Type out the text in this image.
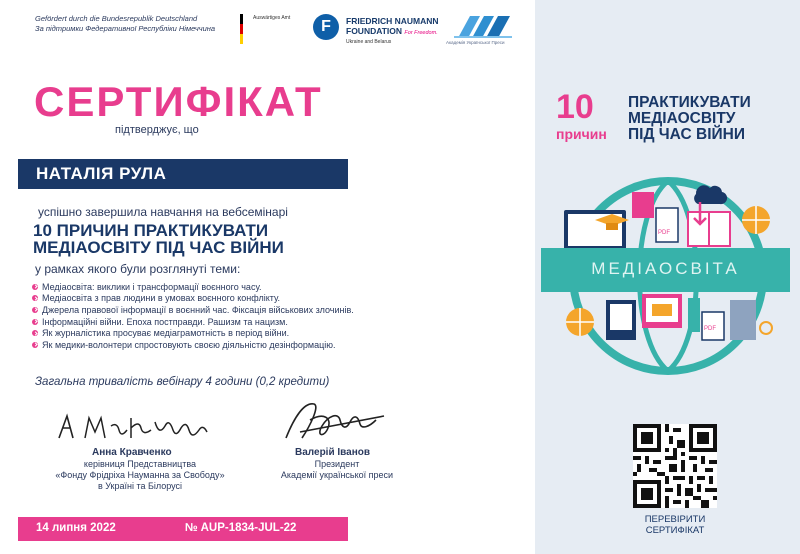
Gefördert durch die Bundesrepublik Deutschland
За підтримки Федеративної Республіки Німеччина
Auswärtiges Amt	F	FRIEDRICH NAUMANN
FOUNDATION For Freedom.
Ukraine and Belarus	Академія Української Преси
СЕРТИФІКАТ
підтверджує, що
НАТАЛІЯ РУЛА
успішно завершила навчання на вебсемінарі
10 ПРИЧИН ПРАКТИКУВАТИ
МЕДІАОСВІТУ ПІД ЧАС ВІЙНИ
у рамках якого були розглянуті теми:
Медіаосвіта: виклики і трансформації воєнного часу.
Медіаосвіта з прав людини в умовах воєнного конфлікту.
Джерела правової інформації в воєнний час. Фіксація військових злочинів.
Інформаційні війни. Епоха постправди. Рашизм та нацизм.
Як журналістика просуває медіаграмотність в період війни.
Як медики-волонтери спростовують своєю діяльністю дезінформацію.
Загальна тривалість вебінару 4 години (0,2 кредити)
Анна Кравченко
керівниця Представництва
«Фонду Фрідріха Науманна за Свободу»
в Україні та Білорусі
Валерій Іванов
Президент
Академії української преси
14 липня 2022	№ AUP-1834-JUL-22
10
причин
ПРАКТИКУВАТИ
МЕДІАОСВІТУ
ПІД ЧАС ВІЙНИ
PDF
PDF
МЕДІАОСВІТА
ПЕРЕВІРИТИ
СЕРТИФІКАТ
